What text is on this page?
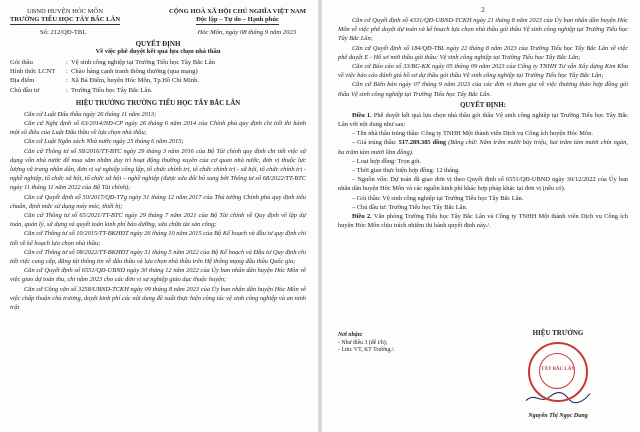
UBND HUYỆN HÓC MÔN
TRƯỜNG TIỂU HỌC TÂY BẮC LÂN
CỘNG HOÀ XÃ HỘI CHỦ NGHĨA VIỆT NAM
Độc lập – Tự do – Hạnh phúc
Số: 212/QĐ-TBL	Hóc Môn, ngày 08 tháng 9 năm 2023
QUYẾT ĐỊNH
Về việc phê duyệt kết quả lựa chọn nhà thầu
Gói thầu	: Vệ sinh công nghiệp tại Trường Tiểu học Tây Bắc Lân
Hình thức LCNT	: Chào hàng cạnh tranh thông thường (qua mạng)
Địa điểm	: Xã Bà Điểm, huyện Hóc Môn, Tp.Hồ Chí Minh.
Chủ đầu tư	: Trường Tiểu học Tây Bắc Lân.
HIỆU TRƯỞNG TRƯỜNG TIỂU HỌC TÂY BẮC LÂN

Căn cứ Luật Đấu thầu ngày 26 tháng 11 năm 2013;

Căn cứ Nghị định số 63/2014/NĐ-CP ngày 26 tháng 6 năm 2014 của Chính phủ quy định chi tiết thi hành một số điều của Luật Đấu thầu về lựa chọn nhà thầu;

Căn cứ Luật Ngân sách Nhà nước ngày 25 tháng 6 năm 2015;

Căn cứ Thông tư số 58/2016/TT-BTC ngày 29 tháng 3 năm 2016 của Bộ Tài chính quy định chi tiết việc sử dụng vốn nhà nước để mua sắm nhằm duy trì hoạt động thường xuyên của cơ quan nhà nước, đơn vị thuộc lực lượng vũ trang nhân dân, đơn vị sự nghiệp công lập, tổ chức chính trị, tổ chức chính trị - xã hội, tổ chức chính trị - nghề nghiệp, tổ chức xã hội, tổ chức xã hội – nghề nghiệp (được sửa đổi bổ sung bởi Thông tư số 68/2022/TT-BTC ngày 11 tháng 11 năm 2022 của Bộ Tài chính);

Căn cứ Quyết định số 50/2017/QĐ-TTg ngày 31 tháng 12 năm 2017 của Thủ tướng Chính phủ quy định tiêu chuẩn, định mức sử dụng máy móc, thiết bị;

Căn cứ Thông tư số 65/2021/TT-BTC ngày 29 tháng 7 năm 2021 của Bộ Tài chính về Quy định về lập dự toán, quản lý, sử dụng và quyết toán kinh phí bảo dưỡng, sửa chữa tài sản công;

Căn cứ Thông tư số 10/2015/TT-BKHĐT ngày 26 tháng 10 năm 2015 của Bộ Kế hoạch và đầu tư quy định chi tiết về kế hoạch lựa chọn nhà thầu;

Căn cứ Thông tư số 08/2022/TT-BKHĐT ngày 31 tháng 5 năm 2022 của Bộ Kế hoạch và Đầu tư Quy định chi tiết việc cung cấp, đăng tải thông tin về đấu thầu và lựa chọn nhà thầu trên Hệ thống mạng đấu thầu Quốc gia;

Căn cứ Quyết định số 6551/QĐ-UBND ngày 30 tháng 12 năm 2022 của Ủy ban nhân dân huyện Hóc Môn về việc giao dự toán thu, chi năm 2023 cho các đơn vị sự nghiệp giáo dục thuộc huyện;

Căn cứ Công văn số 3258/UBND-TCKH ngày 09 tháng 8 năm 2023 của Ủy ban nhân dân huyện Hóc Môn về việc chấp thuận chủ trương, duyệt kinh phí các nội dung đề xuất thực hiện công tác vệ sinh công nghiệp và an ninh trật

2

Căn cứ Quyết định số 4331/QĐ-UBND-TCKH ngày 21 tháng 8 năm 2023 của Ủy ban nhân dân huyện Hóc Môn về việc phê duyệt dự toán và kế hoạch lựa chọn nhà thầu gói thầu Vệ sinh công nghiệp tại Trường Tiểu học Tây Bắc Lân;

Căn cứ Quyết định số 184/QĐ-TBL ngày 22 tháng 8 năm 2023 của Trường Tiểu học Tây Bắc Lân về việc phê duyệt E - Hồ sơ mời thầu gói thầu: Vệ sinh công nghiệp tại Trường Tiểu học Tây Bắc Lân;

Căn cứ Báo cáo số 33/BC-KK ngày 05 tháng 09 năm 2023 của Công ty TNHH Tư vấn Xây dựng Kim Kha về việc báo cáo đánh giá hồ sơ dự thầu gói thầu Vệ sinh công nghiệp tại Trường Tiểu học Tây Bắc Lân;

Căn cứ Biên bản ngày 07 tháng 9 năm 2023 của các đơn vị tham gia về việc thương thảo hợp đồng gói thầu Vệ sinh công nghiệp tại Trường Tiểu học Tây Bắc Lân.

QUYẾT ĐỊNH:

Điều 1. Phê duyệt kết quả lựa chọn nhà thầu gói thầu Vệ sinh công nghiệp tại Trường Tiểu học Tây Bắc Lân với nội dung như sau:

– Tên nhà thầu trúng thầu: Công ty TNHH Một thành viên Dịch vụ Công ích huyện Hóc Môn.

– Giá trúng thầu: 517.289.385 đồng (Bằng chữ: Năm trăm mười bảy triệu, hai trăm tám mươi chín ngàn, ba trăm tám mươi lăm đồng).

– Loại hợp đồng: Trọn gói.

– Thời gian thực hiện hợp đồng: 12 tháng.

– Nguồn vốn: Dự toán đã giao đơn vị theo Quyết định số 6551/QĐ-UBND ngày 30/12/2022 của Ủy ban nhân dân huyện Hóc Môn và các nguồn kinh phí khác hợp pháp khác tại đơn vị (nếu có).

– Gói thầu: Vệ sinh công nghiệp tại Trường Tiểu học Tây Bắc Lân.

– Chủ đầu tư: Trường Tiểu học Tây Bắc Lân.

Điều 2. Văn phòng Trường Tiểu học Tây Bắc Lân và Công ty TNHH Một thành viên Dịch vụ Công ích huyện Hóc Môn chịu trách nhiệm thi hành quyết định này./.

Nơi nhận:
- Như điều 3 (để t/h);
- Lưu: VT, KT Trường./.
HIỆU TRƯỞNG
TÂY BẮC LÂN
Nguyễn Thị Ngọc Dung
